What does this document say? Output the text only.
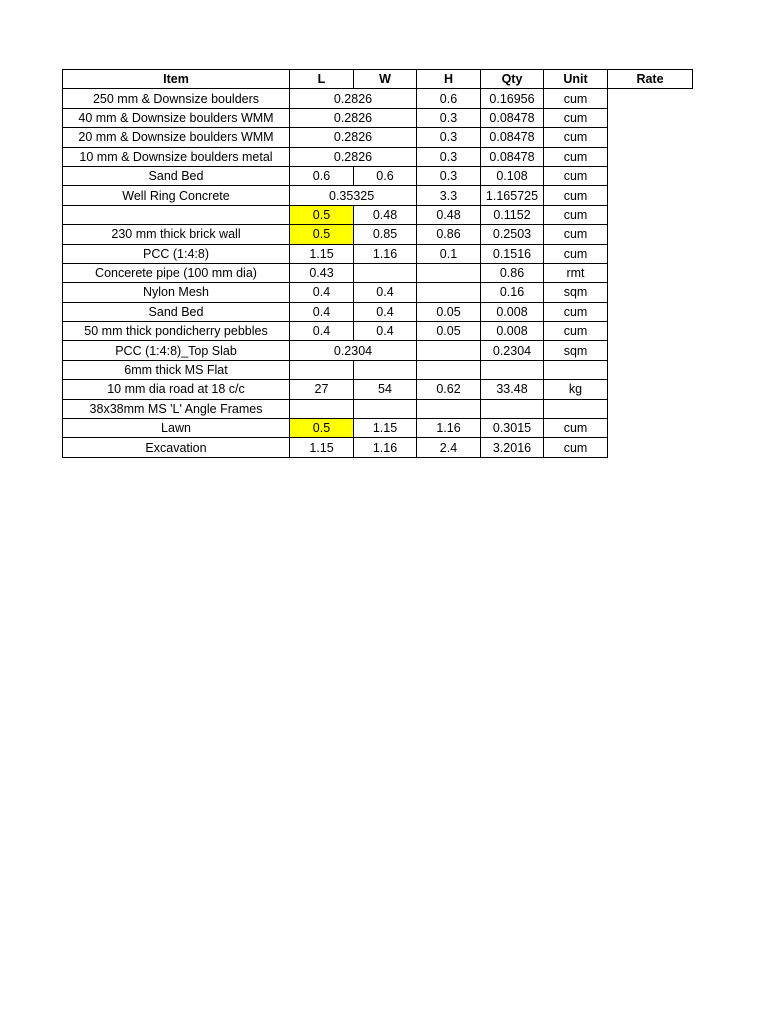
Item	L	W	H	Qty	Unit	Rate
250 mm & Downsize boulders	0.2826		0.6	0.16956	cum	
40 mm & Downsize boulders WMM	0.2826		0.3	0.08478	cum	
20 mm & Downsize boulders WMM	0.2826		0.3	0.08478	cum	
10 mm & Downsize boulders metal	0.2826		0.3	0.08478	cum	
Sand Bed	0.6	0.6	0.3	0.108	cum	
Well Ring Concrete	0.35325		3.3	1.165725	cum	
	0.5	0.48	0.48	0.1152	cum	
230 mm thick brick wall	0.5	0.85	0.86	0.2503	cum	
PCC (1:4:8)	1.15	1.16	0.1	0.1516	cum	
Concerete pipe (100 mm dia)	0.43			0.86	rmt	
Nylon Mesh	0.4	0.4		0.16	sqm	
Sand Bed	0.4	0.4	0.05	0.008	cum	
50 mm thick pondicherry pebbles	0.4	0.4	0.05	0.008	cum	
PCC (1:4:8)_Top Slab	0.2304			0.2304	sqm	
6mm thick MS Flat						
10 mm dia road at 18 c/c	27	54	0.62	33.48	kg	
38x38mm MS 'L' Angle Frames						
Lawn	0.5	1.15	1.16	0.3015	cum	
Excavation	1.15	1.16	2.4	3.2016	cum	
